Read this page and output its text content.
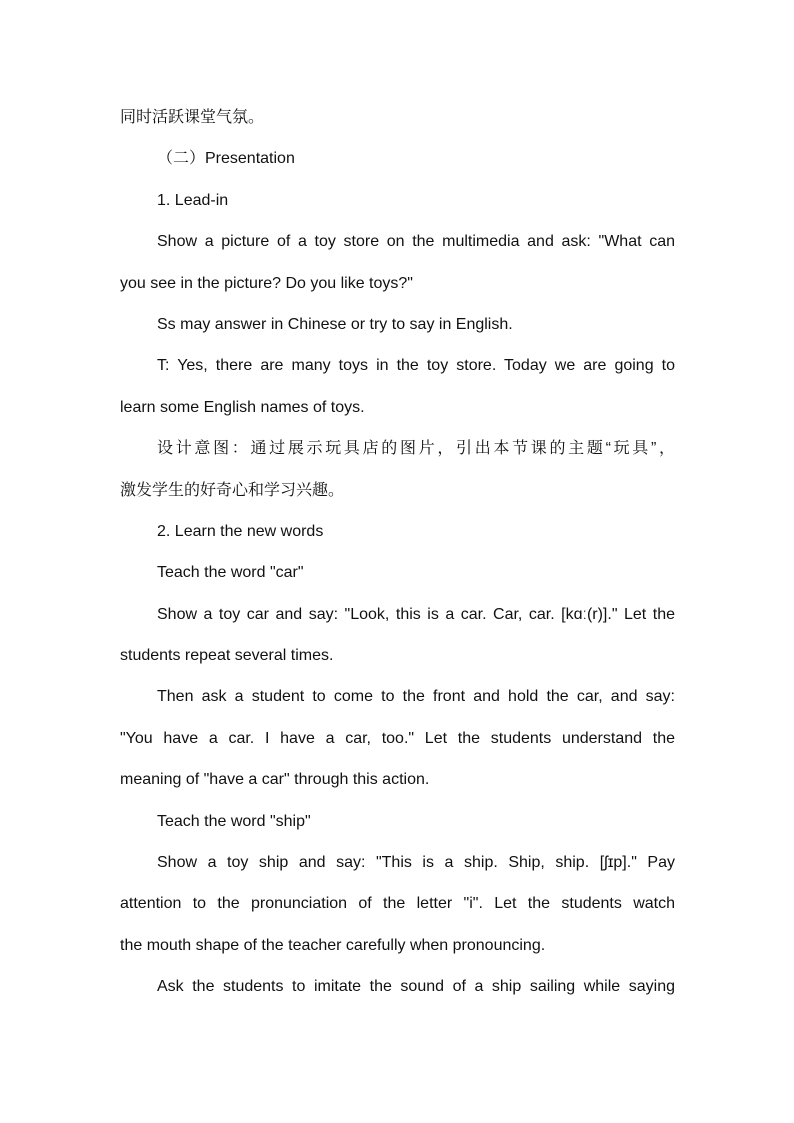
同时活跃课堂气氛。
（二）Presentation
1. Lead-in
Show a picture of a toy store on the multimedia and ask: "What can
you see in the picture? Do you like toys?"
Ss may answer in Chinese or try to say in English.
T: Yes, there are many toys in the toy store. Today we are going to
learn some English names of toys.
设计意图：通过展示玩具店的图片，引出本节课的主题“玩具”，
激发学生的好奇心和学习兴趣。
2. Learn the new words
Teach the word "car"
Show a toy car and say: "Look, this is a car. Car, car. [kɑː(r)]." Let the
students repeat several times.
Then ask a student to come to the front and hold the car, and say:
"You have a car. I have a car, too." Let the students understand the
meaning of "have a car" through this action.
Teach the word "ship"
Show a toy ship and say: "This is a ship. Ship, ship. [ʃɪp]." Pay
attention to the pronunciation of the letter "i". Let the students watch
the mouth shape of the teacher carefully when pronouncing.
Ask the students to imitate the sound of a ship sailing while saying
